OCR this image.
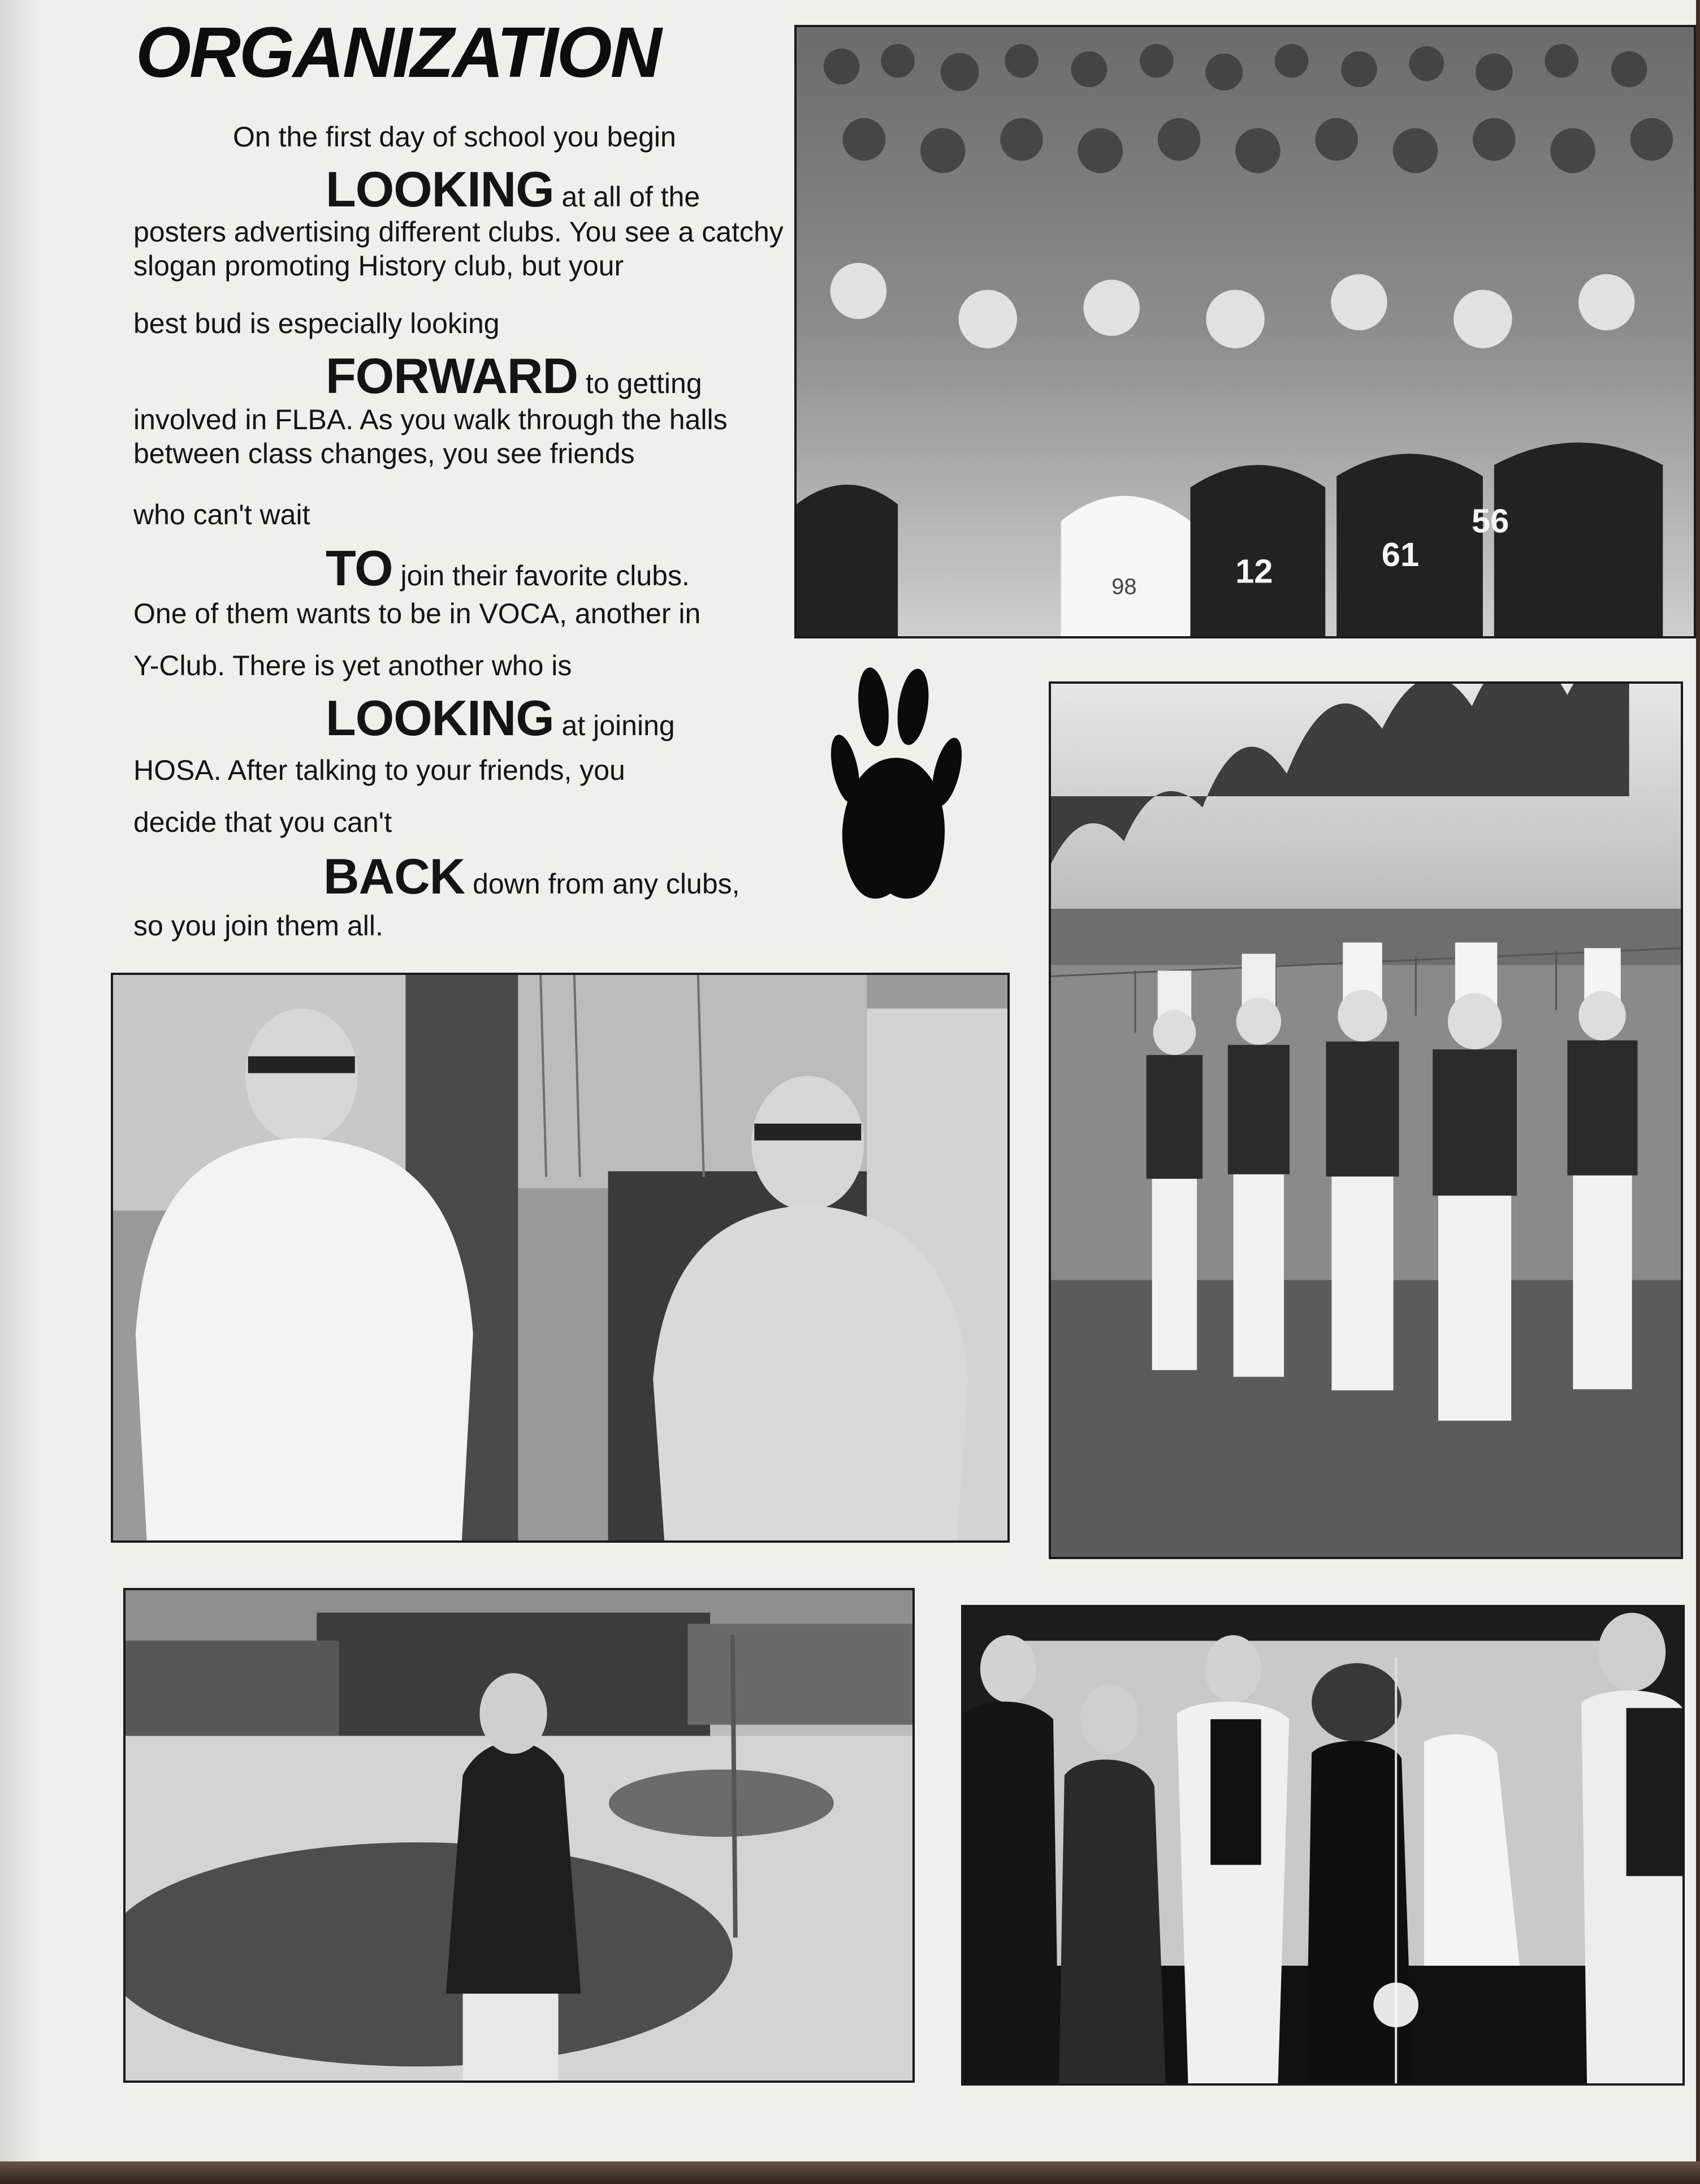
ORGANIZATION

On the first day of school you begin

LOOKING at all of the

posters advertising different clubs. You see a catchy slogan promoting History club, but your

best bud is especially looking

FORWARD to getting

involved in FLBA. As you walk through the halls between class changes, you see friends

who can't wait

TO join their favorite clubs.

One of them wants to be in VOCA, another in

Y-Club. There is yet another who is

LOOKING at joining

HOSA. After talking to your friends, you

decide that you can't

BACK down from any clubs,

so you join them all.

12	61
56
98
